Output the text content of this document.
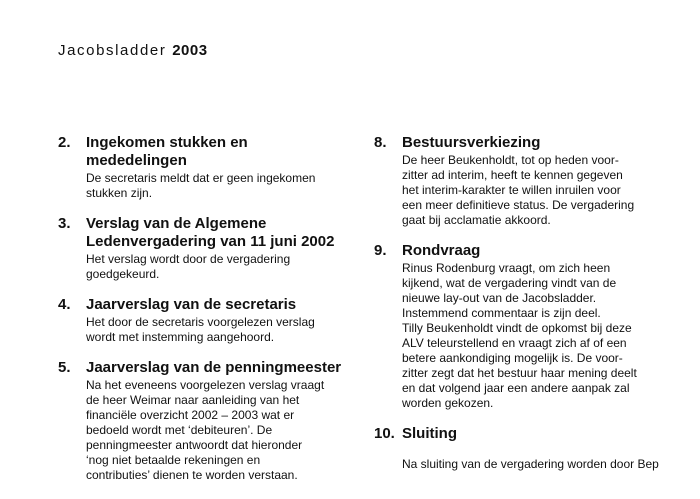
Jacobsladder 2003
2. Ingekomen stukken en
mededelingen
De secretaris meldt dat er geen ingekomen
stukken zijn.
3. Verslag van de Algemene
Ledenvergadering van 11 juni 2002
Het verslag wordt door de vergadering
goedgekeurd.
4. Jaarverslag van de secretaris
Het door de secretaris voorgelezen verslag
wordt met instemming aangehoord.
5. Jaarverslag van de penningmeester
Na het eveneens voorgelezen verslag vraagt
de heer Weimar naar aanleiding van het
financiële overzicht 2002 – 2003 wat er
bedoeld wordt met ‘debiteuren’. De
penningmeester antwoordt dat hieronder
‘nog niet betaalde rekeningen en
contributies’ dienen te worden verstaan.
8. Bestuursverkiezing
De heer Beukenholdt, tot op heden voor-
zitter ad interim, heeft te kennen gegeven
het interim-karakter te willen inruilen voor
een meer definitieve status. De vergadering
gaat bij acclamatie akkoord.
9. Rondvraag
Rinus Rodenburg vraagt, om zich heen
kijkend, wat de vergadering vindt van de
nieuwe lay-out van de Jacobsladder.
Instemmend commentaar is zijn deel.
Tilly Beukenholdt vindt de opkomst bij deze
ALV teleurstellend en vraagt zich af of een
betere aankondiging mogelijk is. De voor-
zitter zegt dat het bestuur haar mening deelt
en dat volgend jaar een andere aanpak zal
worden gekozen.
10. Sluiting
Na sluiting van de vergadering worden door Bep
